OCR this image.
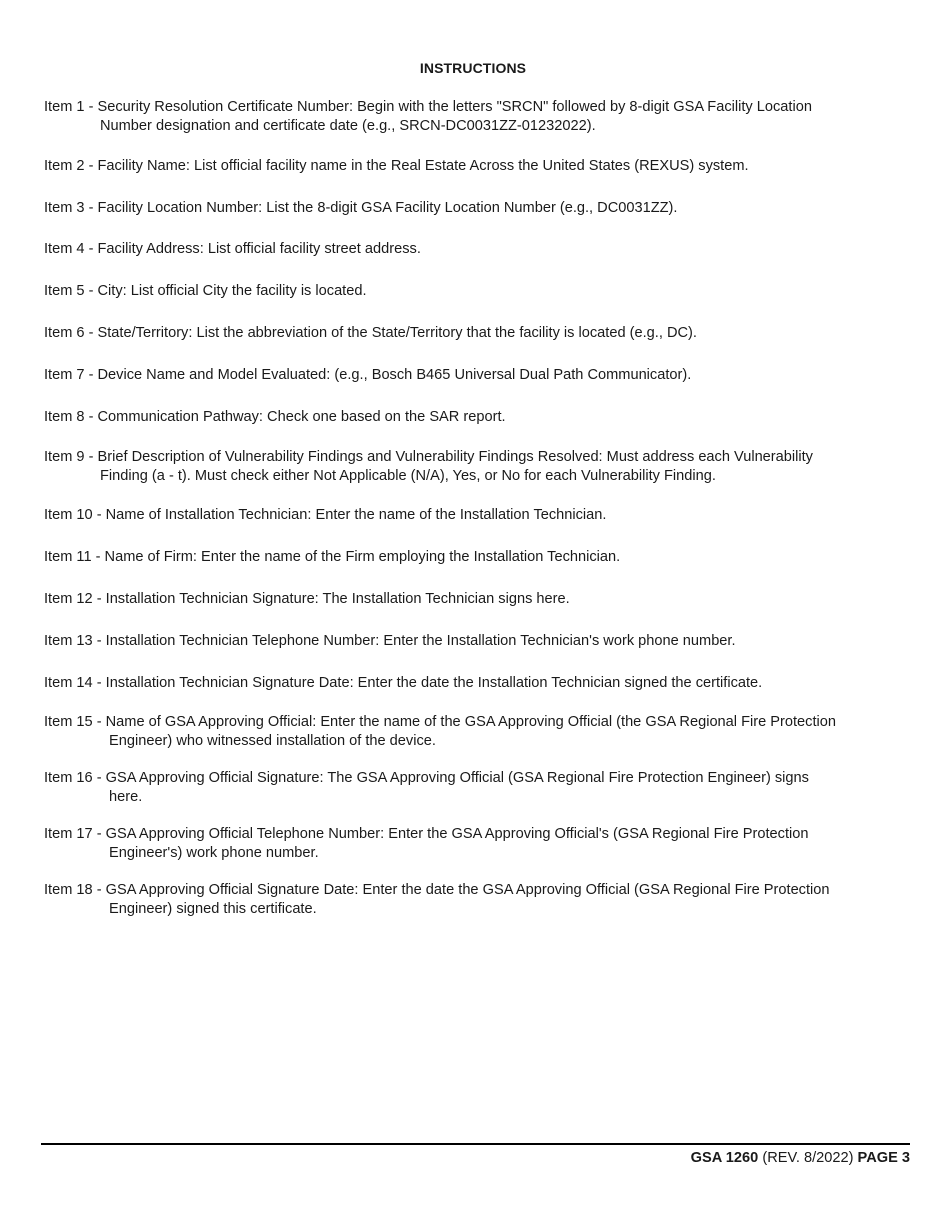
INSTRUCTIONS
Item 1 - Security Resolution Certificate Number: Begin with the letters "SRCN" followed by 8-digit GSA Facility Location
Number designation and certificate date (e.g., SRCN-DC0031ZZ-01232022).
Item 2 - Facility Name: List official facility name in the Real Estate Across the United States (REXUS) system.
Item 3 - Facility Location Number: List the 8-digit GSA Facility Location Number (e.g., DC0031ZZ).
Item 4 - Facility Address: List official facility street address.
Item 5 - City: List official City the facility is located.
Item 6 - State/Territory: List the abbreviation of the State/Territory that the facility is located (e.g., DC).
Item 7 - Device Name and Model Evaluated: (e.g., Bosch B465 Universal Dual Path Communicator).
Item 8 - Communication Pathway: Check one based on the SAR report.
Item 9 - Brief Description of Vulnerability Findings and Vulnerability Findings Resolved: Must address each Vulnerability
Finding (a - t). Must check either Not Applicable (N/A), Yes, or No for each Vulnerability Finding.
Item 10 - Name of Installation Technician: Enter the name of the Installation Technician.
Item 11 - Name of Firm: Enter the name of the Firm employing the Installation Technician.
Item 12 - Installation Technician Signature: The Installation Technician signs here.
Item 13 - Installation Technician Telephone Number: Enter the Installation Technician's work phone number.
Item 14 - Installation Technician Signature Date: Enter the date the Installation Technician signed the certificate.
Item 15 - Name of GSA Approving Official: Enter the name of the GSA Approving Official (the GSA Regional Fire Protection
Engineer) who witnessed installation of the device.
Item 16 - GSA Approving Official Signature: The GSA Approving Official (GSA Regional Fire Protection Engineer) signs
here.
Item 17 - GSA Approving Official Telephone Number: Enter the GSA Approving Official's (GSA Regional Fire Protection
Engineer's) work phone number.
Item 18 - GSA Approving Official Signature Date: Enter the date the GSA Approving Official (GSA Regional Fire Protection
Engineer) signed this certificate.
GSA 1260 (REV. 8/2022) PAGE 3
